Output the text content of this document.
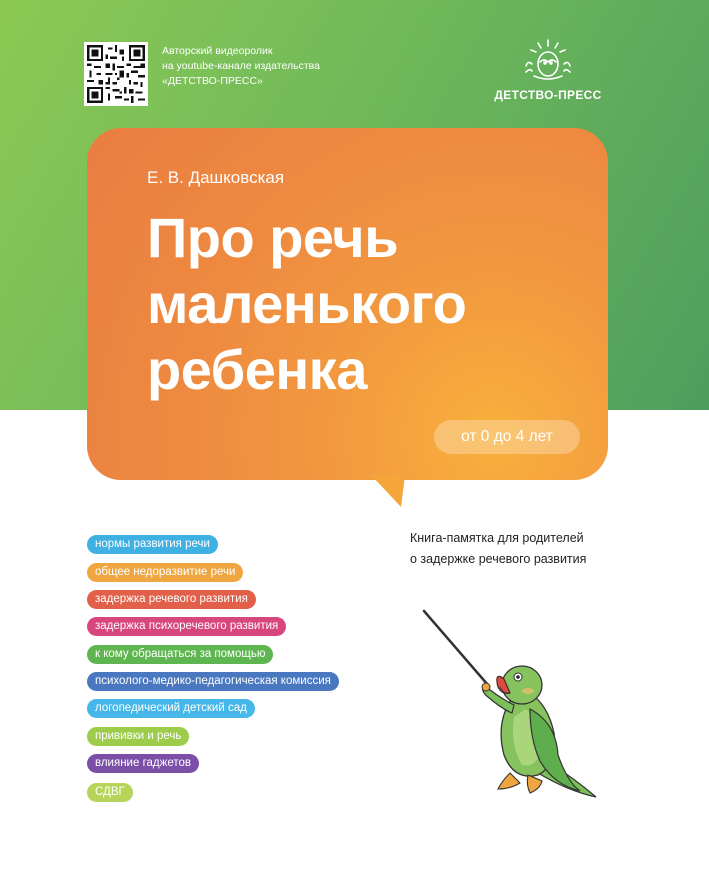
Авторский видеоролик
на youtube-канале издательства
«ДЕТСТВО-ПРЕСС»
ДЕТСТВО-ПРЕСС
Е. В. Дашковская
Про речь
маленького
ребенка
от 0 до 4 лет
Книга-памятка для родителей
о задержке речевого развития
нормы развития речи
общее недоразвитие речи
задержка речевого развития
задержка психоречевого развития
к кому обращаться за помощью
психолого-медико-педагогическая комиссия
логопедический детский сад
прививки и речь
влияние гаджетов
СДВГ
